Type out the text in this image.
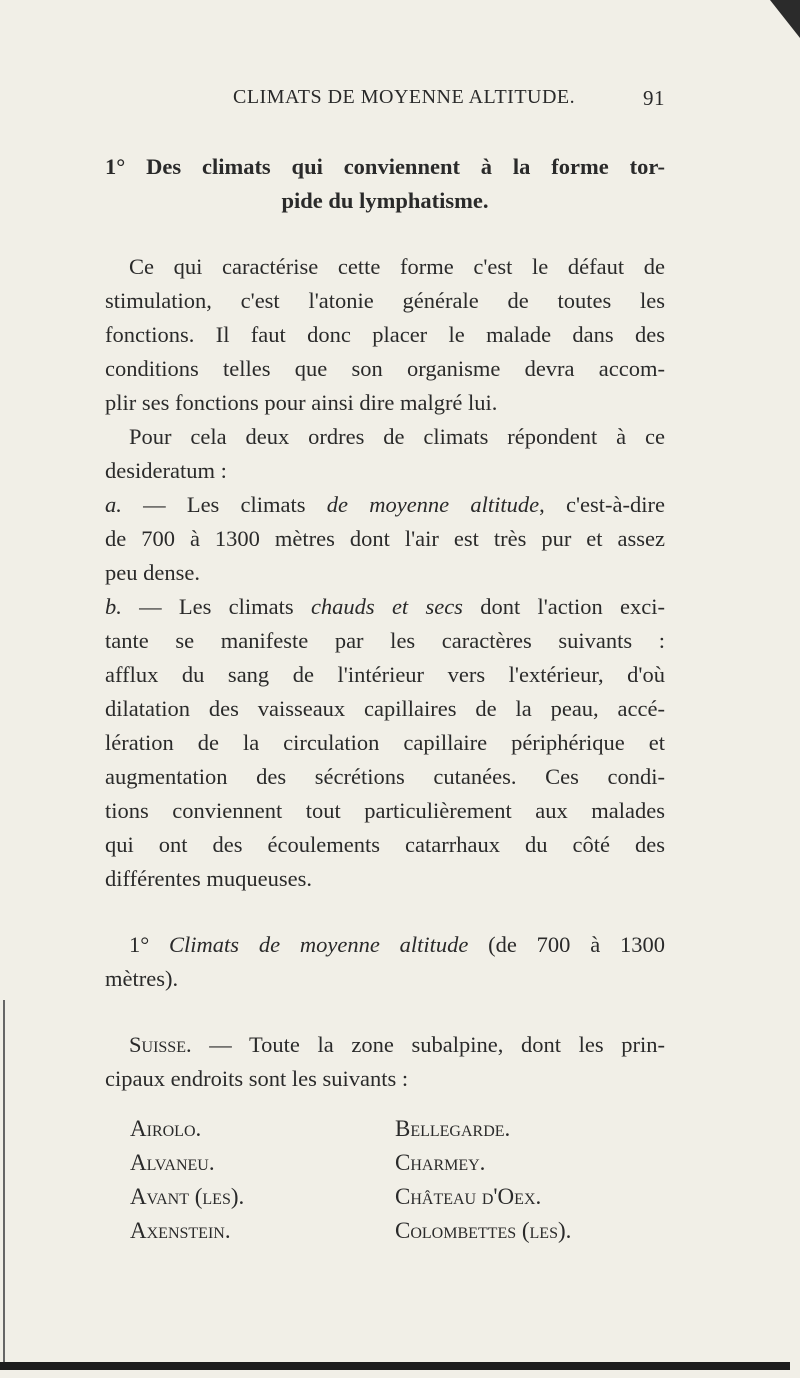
CLIMATS DE MOYENNE ALTITUDE.	91
1° Des climats qui conviennent à la forme tor-
pide du lymphatisme.
Ce qui caractérise cette forme c'est le défaut de
stimulation, c'est l'atonie générale de toutes les
fonctions. Il faut donc placer le malade dans des
conditions telles que son organisme devra accom-
plir ses fonctions pour ainsi dire malgré lui.
Pour cela deux ordres de climats répondent à ce
desideratum :
a. — Les climats de moyenne altitude, c'est-à-dire
de 700 à 1300 mètres dont l'air est très pur et assez
peu dense.
b. — Les climats chauds et secs dont l'action exci-
tante se manifeste par les caractères suivants :
afflux du sang de l'intérieur vers l'extérieur, d'où
dilatation des vaisseaux capillaires de la peau, accé-
lération de la circulation capillaire périphérique et
augmentation des sécrétions cutanées. Ces condi-
tions conviennent tout particulièrement aux malades
qui ont des écoulements catarrhaux du côté des
différentes muqueuses.
1° Climats de moyenne altitude (de 700 à 1300
mètres).
Suisse. — Toute la zone subalpine, dont les prin-
cipaux endroits sont les suivants :
Airolo.
Alvaneu.
Avant (les).
Axenstein.
Bellegarde.
Charmey.
Château d'Oex.
Colombettes (les).
